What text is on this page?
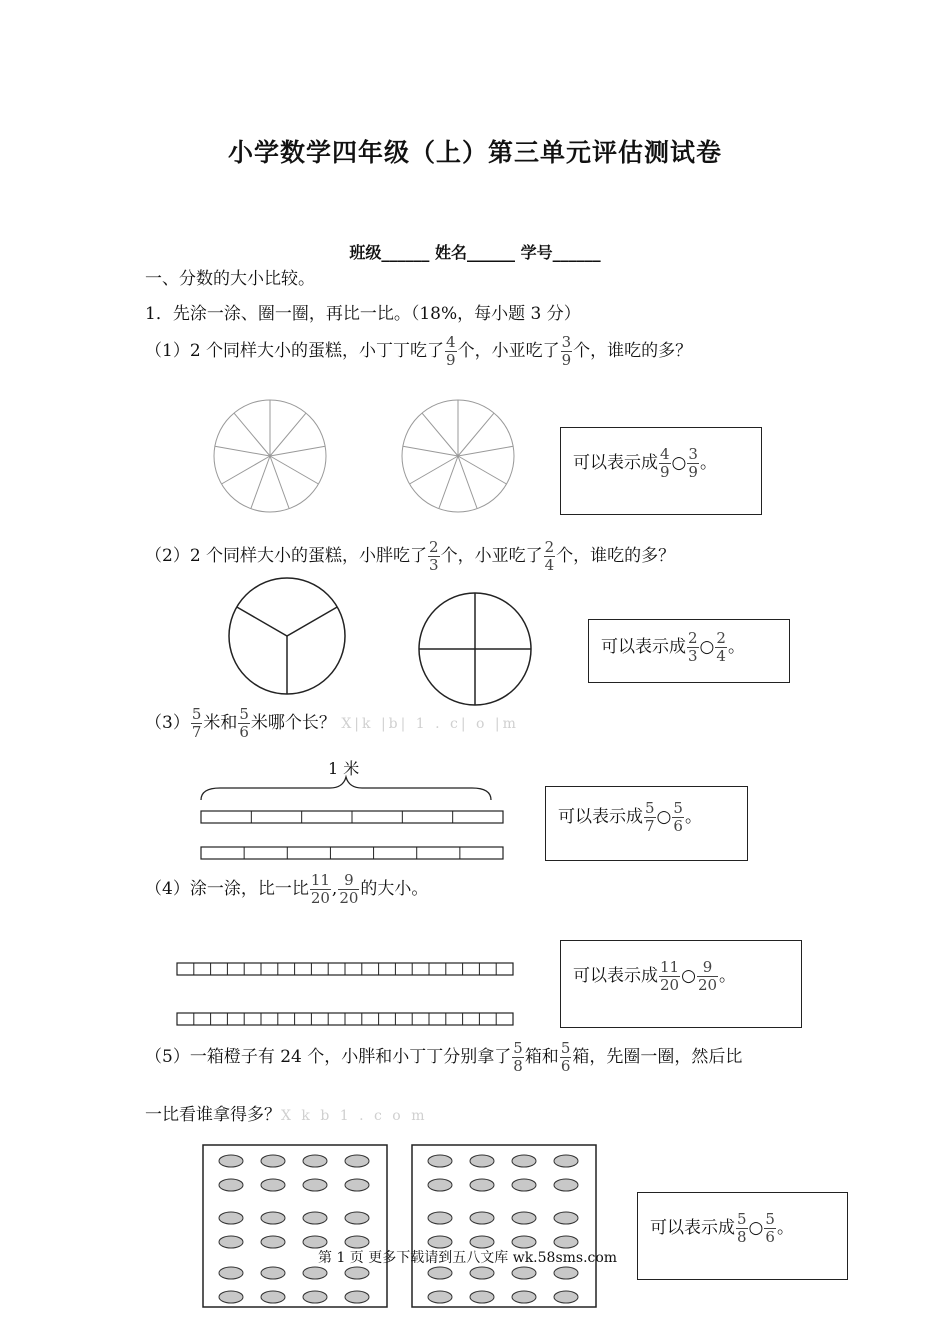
小学数学四年级（上）第三单元评估测试卷
班级______ 姓名______ 学号______
一、分数的大小比较。
1．先涂一涂、圈一圈，再比一比。（18%，每小题 3 分）
（1）2 个同样大小的蛋糕，小丁丁吃了 $\frac{4}{9}$ 个，小亚吃了 $\frac{3}{9}$ 个，谁吃的多？
可以表示成 $\frac{4}{9}$ ○ $\frac{3}{9}$ 。
（2）2 个同样大小的蛋糕，小胖吃了 $\frac{2}{3}$ 个，小亚吃了 $\frac{2}{4}$ 个，谁吃的多？
可以表示成 $\frac{2}{3}$ ○ $\frac{2}{4}$ 。
$(3) \frac{5}{7}$ 米和 $\frac{5}{6}$ 米哪个长？ X|k |b| 1 . c| o |m
1 米
可以表示成 $\frac{5}{7}$ ○ $\frac{5}{6}$ 。
（4）涂一涂，比一比 $\frac{11}{20}$ , $\frac{9}{20}$ 的大小。
可以表示成 $\frac{11}{20}$ ○ $\frac{9}{20}$ 。
（5）一箱橙子有 24 个，小胖和小丁丁分别拿了 $\frac{5}{8}$ 箱和 $\frac{5}{6}$ 箱，先圈一圈，然后比
一比看谁拿得多？X k b 1 . c o m
可以表示成 $\frac{5}{8}$ ○ $\frac{5}{6}$ 。
第 1 页 更多下载请到五八文库 wk.58sms.com
